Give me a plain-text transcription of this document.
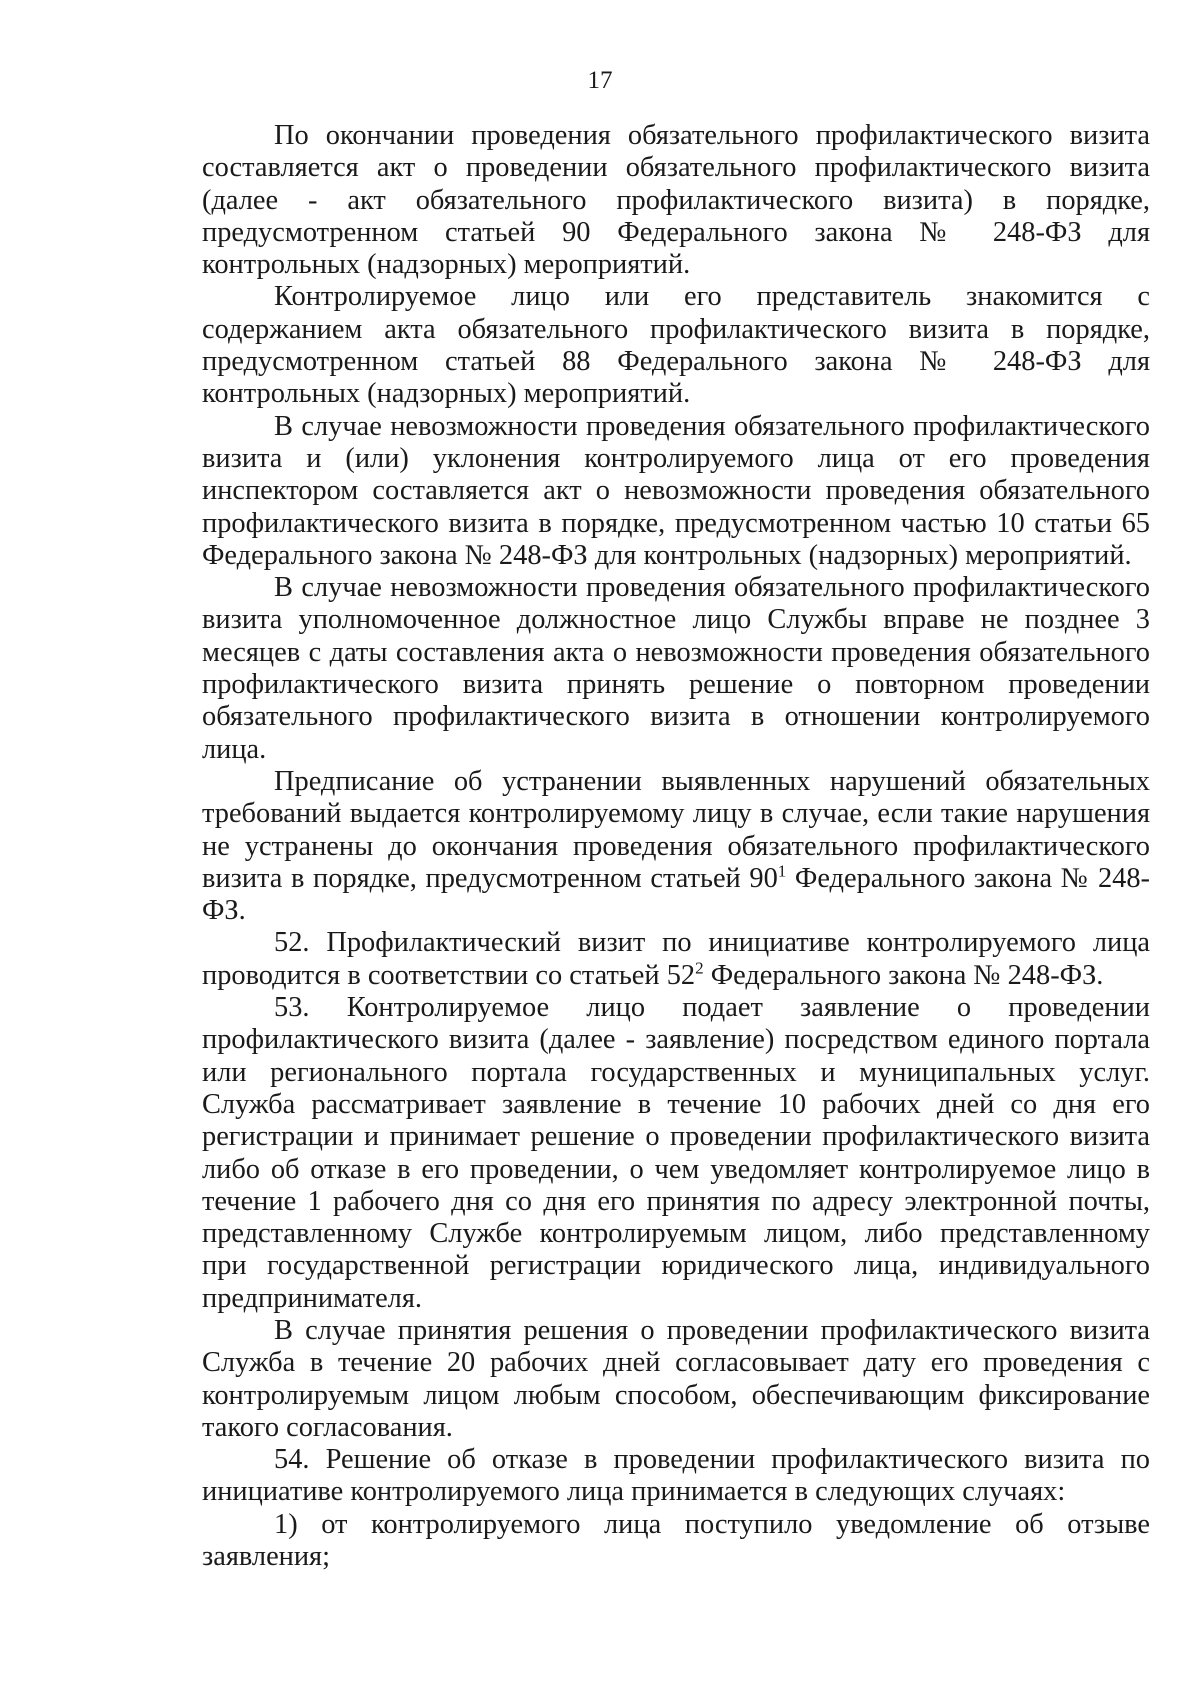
17

По окончании проведения обязательного профилактического визита составляется акт о проведении обязательного профилактического визита (далее - акт обязательного профилактического визита) в порядке, предусмотренном статьей 90 Федерального закона № 248-ФЗ для контрольных (надзорных) мероприятий.

Контролируемое лицо или его представитель знакомится с содержанием акта обязательного профилактического визита в порядке, предусмотренном статьей 88 Федерального закона № 248-ФЗ для контрольных (надзорных) мероприятий.

В случае невозможности проведения обязательного профилактического визита и (или) уклонения контролируемого лица от его проведения инспектором составляется акт о невозможности проведения обязательного профилактического визита в порядке, предусмотренном частью 10 статьи 65 Федерального закона № 248-ФЗ для контрольных (надзорных) мероприятий.

В случае невозможности проведения обязательного профилактического визита уполномоченное должностное лицо Службы вправе не позднее 3 месяцев с даты составления акта о невозможности проведения обязательного профилактического визита принять решение о повторном проведении обязательного профилактического визита в отношении контролируемого лица.

Предписание об устранении выявленных нарушений обязательных требований выдается контролируемому лицу в случае, если такие нарушения не устранены до окончания проведения обязательного профилактического визита в порядке, предусмотренном статьей $90^1$ Федерального закона № 248-ФЗ.

52. Профилактический визит по инициативе контролируемого лица проводится в соответствии со статьей $52^2$ Федерального закона № 248-ФЗ.

53. Контролируемое лицо подает заявление о проведении профилактического визита (далее - заявление) посредством единого портала или регионального портала государственных и муниципальных услуг. Служба рассматривает заявление в течение 10 рабочих дней со дня его регистрации и принимает решение о проведении профилактического визита либо об отказе в его проведении, о чем уведомляет контролируемое лицо в течение 1 рабочего дня со дня его принятия по адресу электронной почты, представленному Службе контролируемым лицом, либо представленному при государственной регистрации юридического лица, индивидуального предпринимателя.

В случае принятия решения о проведении профилактического визита Служба в течение 20 рабочих дней согласовывает дату его проведения с контролируемым лицом любым способом, обеспечивающим фиксирование такого согласования.

54. Решение об отказе в проведении профилактического визита по инициативе контролируемого лица принимается в следующих случаях:

1) от контролируемого лица поступило уведомление об отзыве заявления;
